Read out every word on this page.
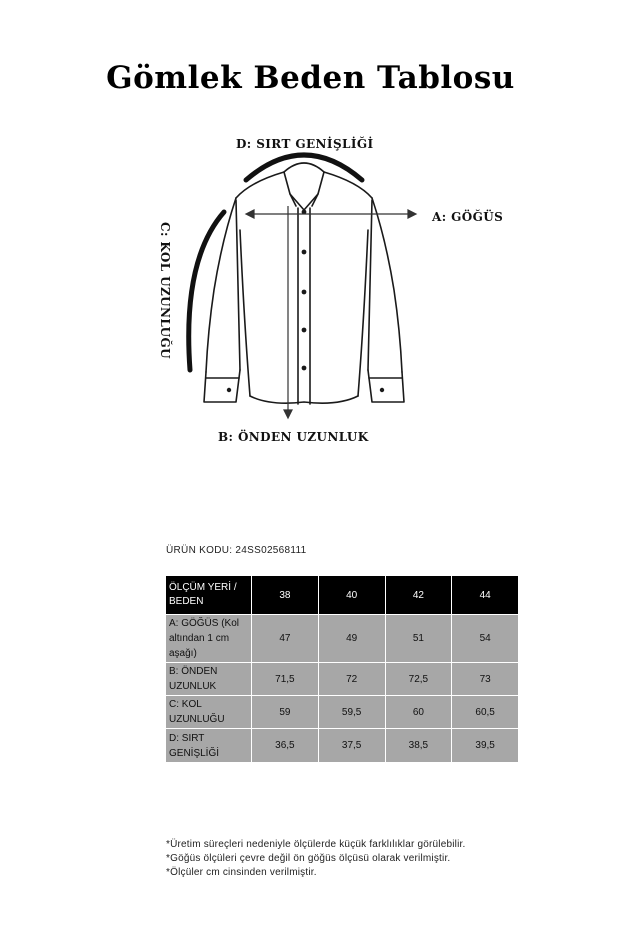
Gömlek Beden Tablosu
D: SIRT GENİŞLİĞİ
A: GÖĞÜS
B: ÖNDEN UZUNLUK
C: KOL UZUNLUĞU
ÜRÜN KODU: 24SS02568111
ÖLÇÜM YERİ / BEDEN	38	40	42	44
A: GÖĞÜS (Kol altından 1 cm aşağı)	47	49	51	54
B: ÖNDEN UZUNLUK	71,5	72	72,5	73
C: KOL UZUNLUĞU	59	59,5	60	60,5
D: SIRT GENİŞLİĞİ	36,5	37,5	38,5	39,5
*Üretim süreçleri nedeniyle ölçülerde küçük farklılıklar görülebilir.
*Göğüs ölçüleri çevre değil ön göğüs ölçüsü olarak verilmiştir.
*Ölçüler cm cinsinden verilmiştir.
